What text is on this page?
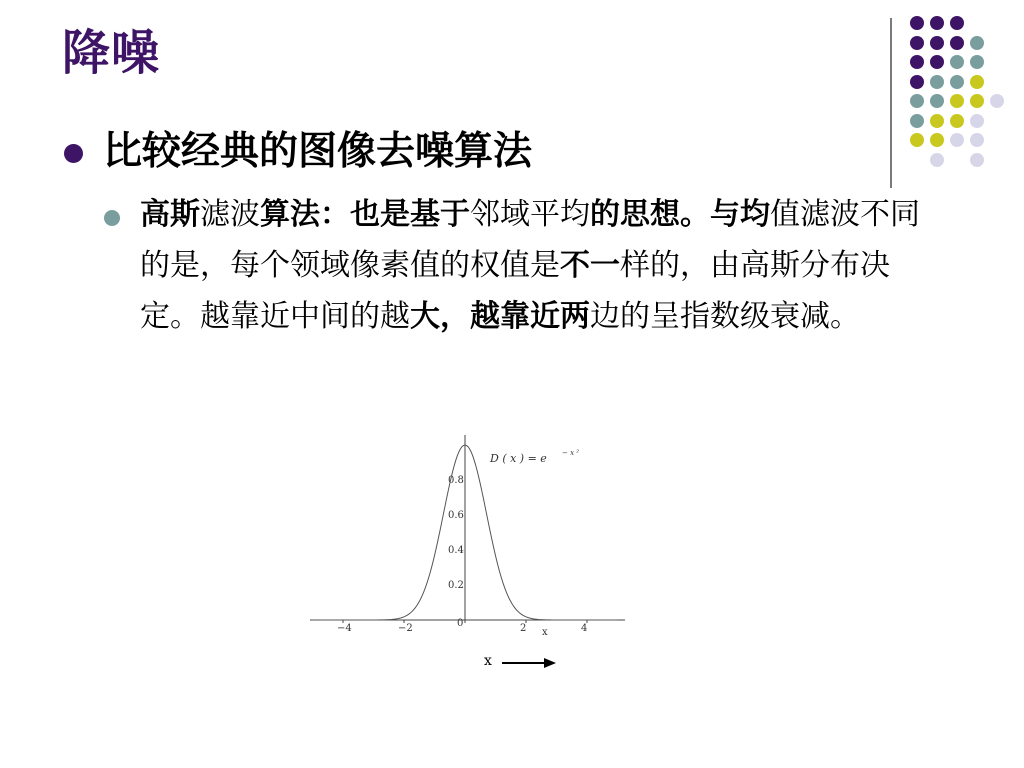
降噪
比较经典的图像去噪算法
高斯滤波算法：也是基于邻域平均的思想。与均值滤波不同的是，每个领域像素值的权值是不一样的，由高斯分布决定。越靠近中间的越大，越靠近两边的呈指数级衰减。
−4	−2	0	2	4
0.2
0.4
0.6
0.8
D ( x ) = e − x ²
x
x
